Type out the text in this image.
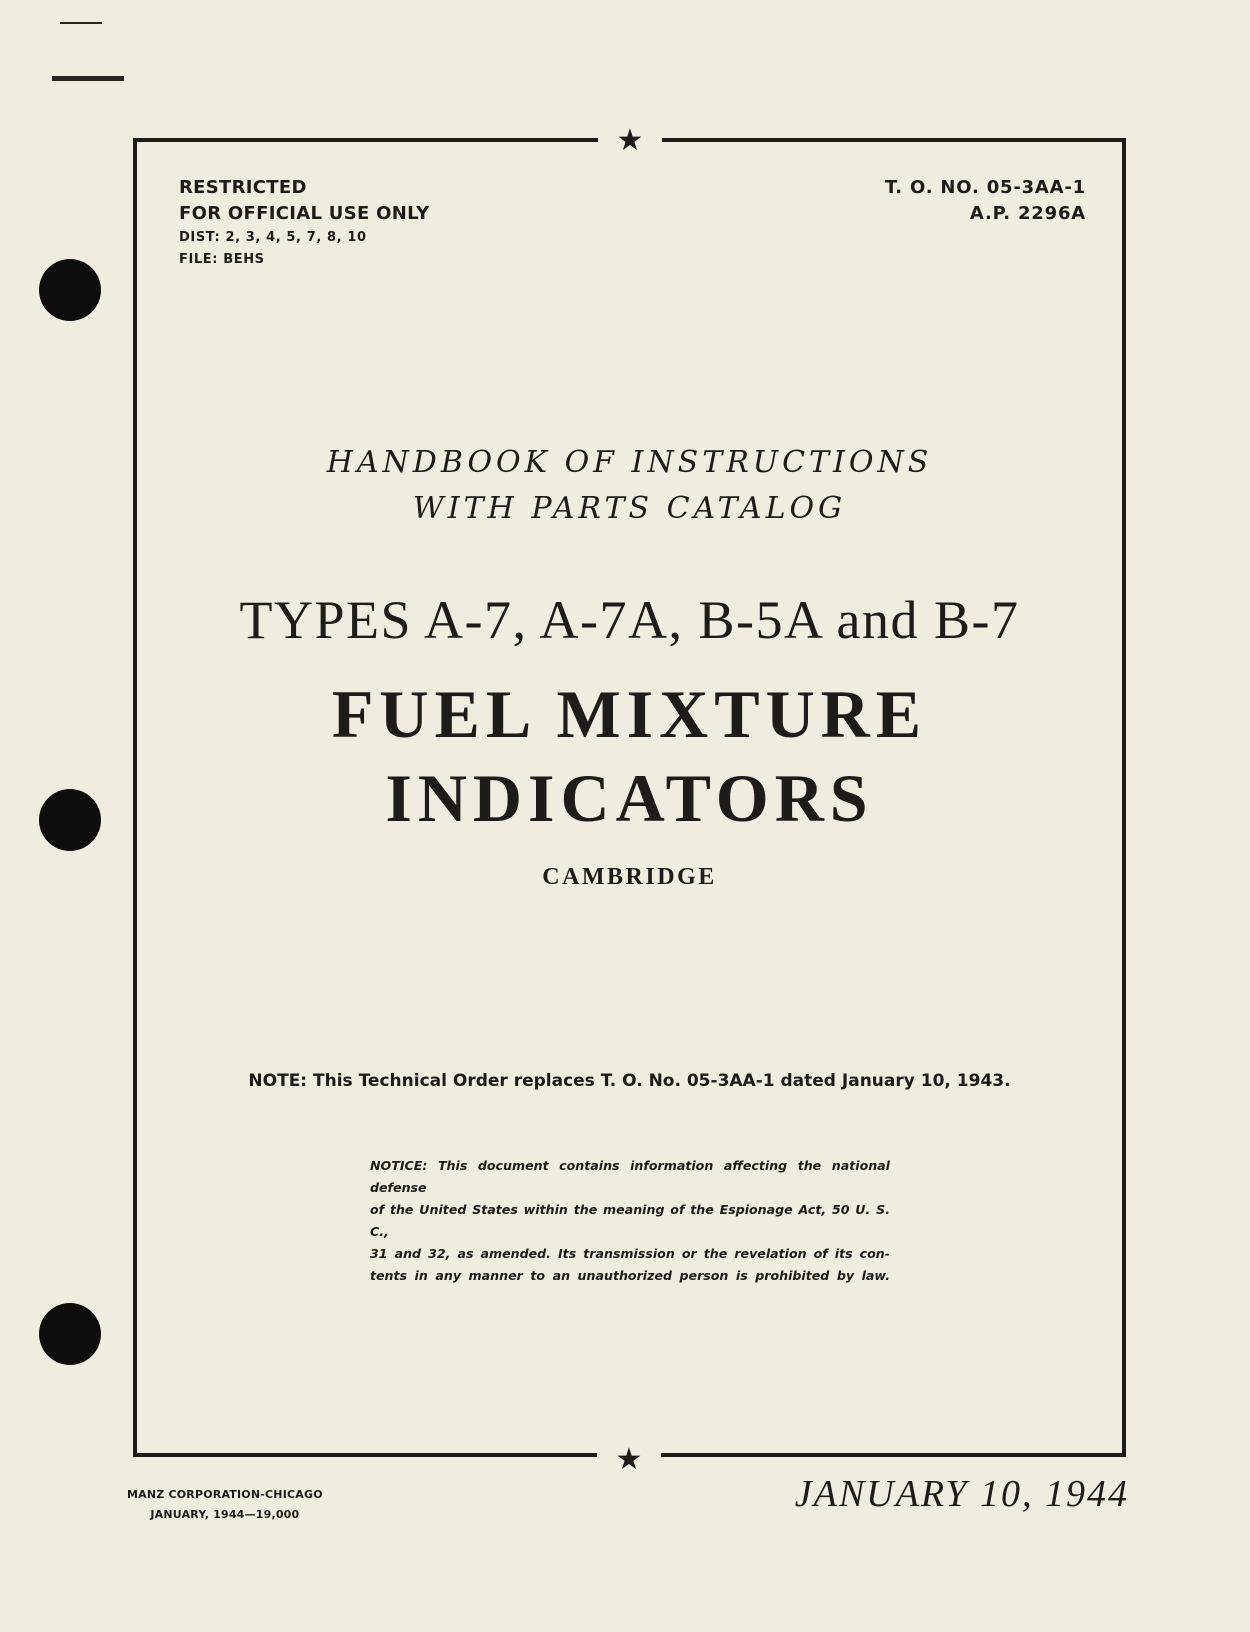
★
★
RESTRICTED
FOR OFFICIAL USE ONLY
DIST: 2, 3, 4, 5, 7, 8, 10
FILE: BEHS
T. O. NO. 05-3AA-1
A.P. 2296A
HANDBOOK OF INSTRUCTIONS
WITH PARTS CATALOG
TYPES A-7, A-7A, B-5A and B-7
FUEL MIXTURE
INDICATORS
CAMBRIDGE
NOTE: This Technical Order replaces T. O. No. 05-3AA-1 dated January 10, 1943.
NOTICE: This document contains information affecting the national defense
of the United States within the meaning of the Espionage Act, 50 U. S. C.,
31 and 32, as amended. Its transmission or the revelation of its con-
tents in any manner to an unauthorized person is prohibited by law.
MANZ CORPORATION-CHICAGO
JANUARY, 1944—19,000	JANUARY 10, 1944
